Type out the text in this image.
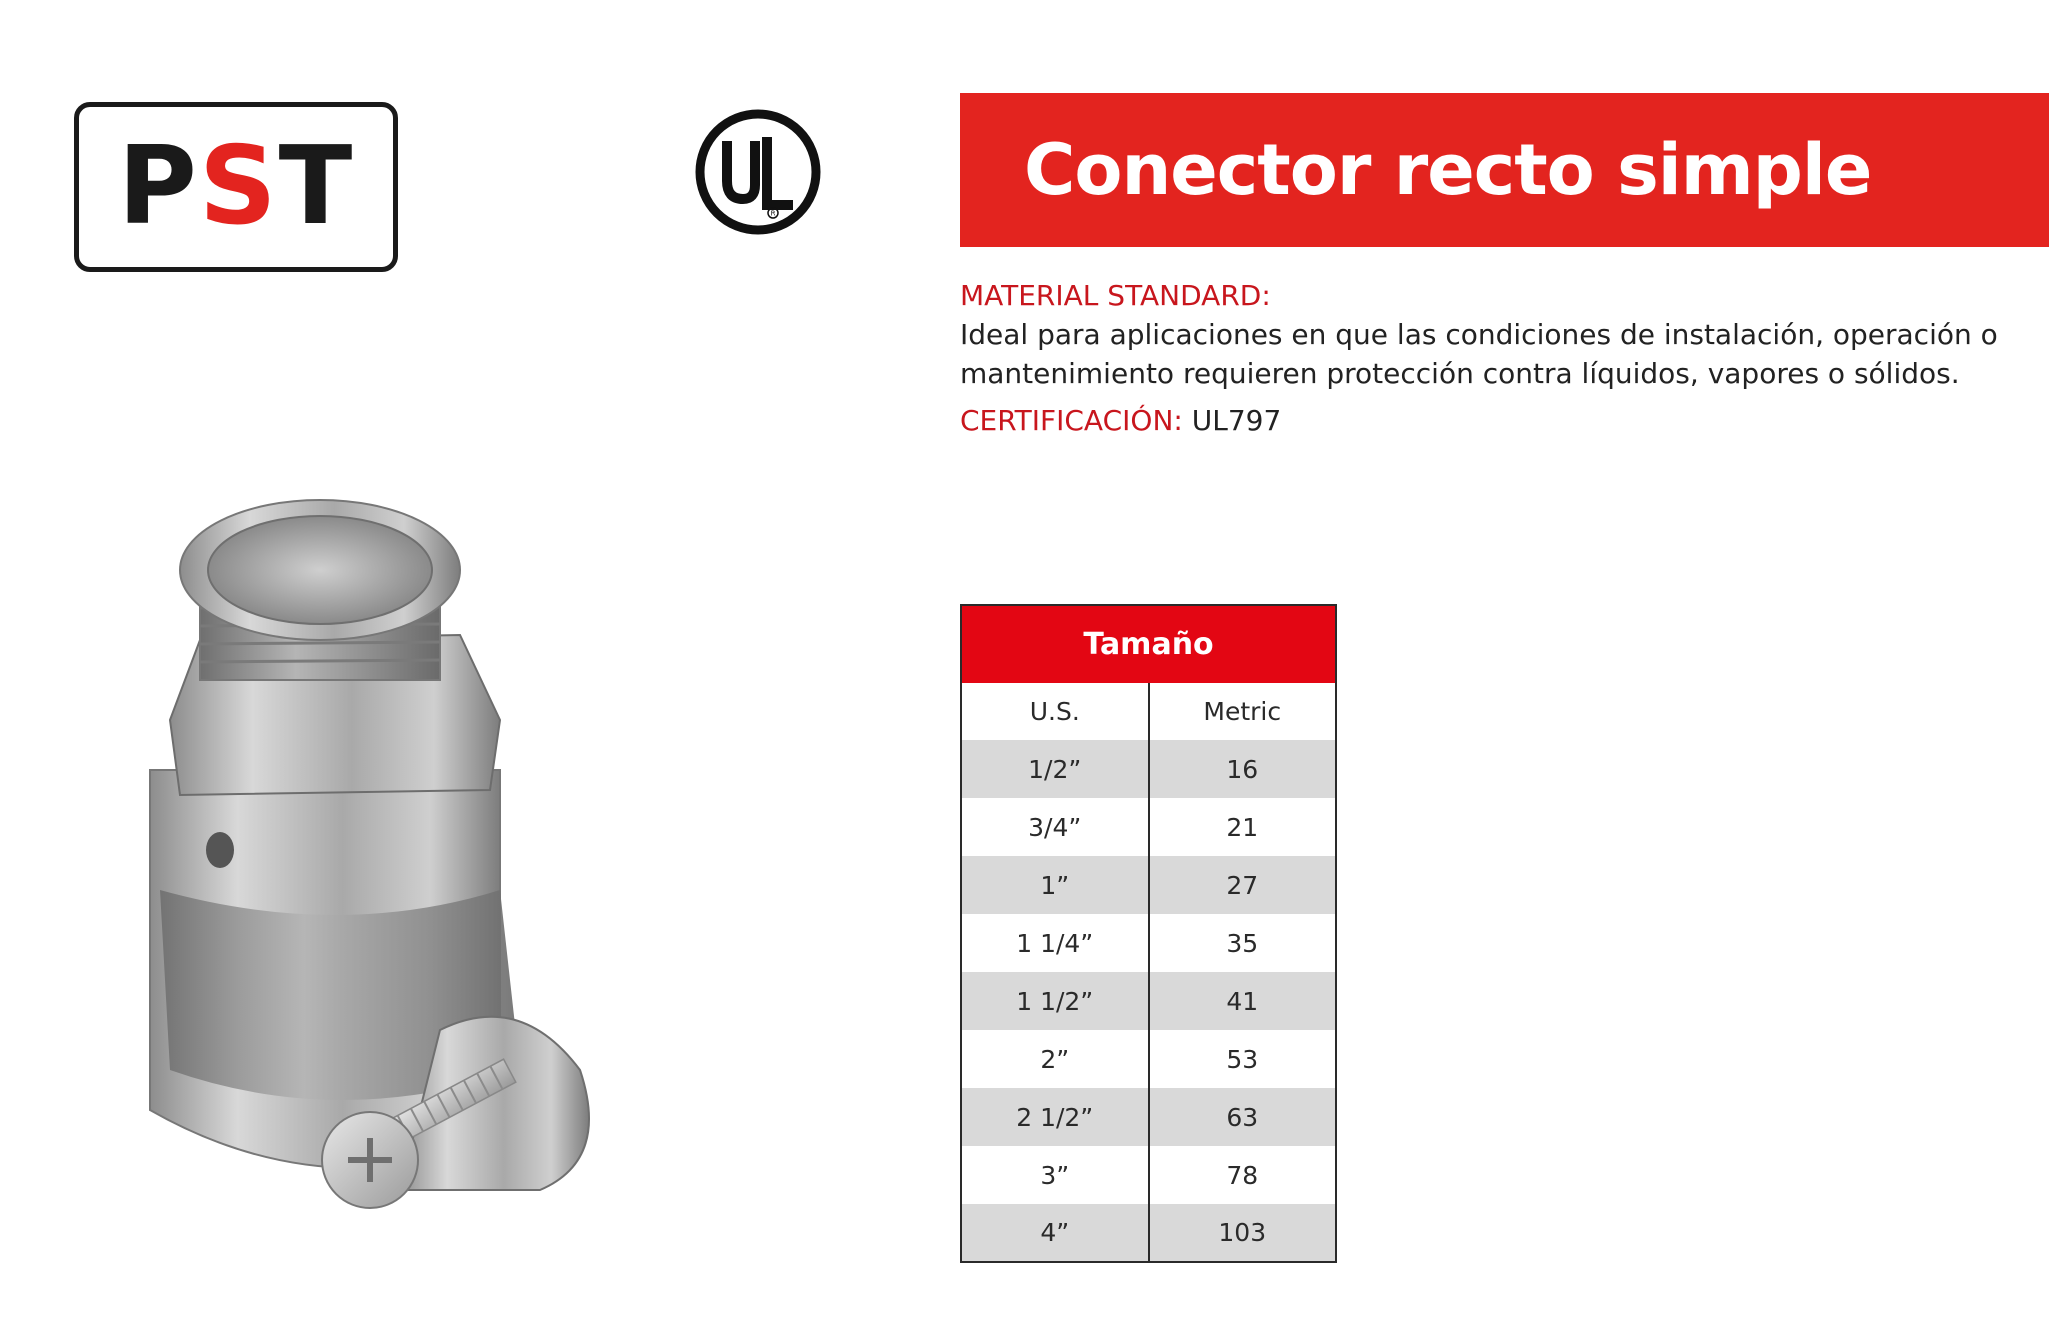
PST	R
Conector recto simple
MATERIAL STANDARD:
Ideal para aplicaciones en que las condiciones de instalación, operación o
mantenimiento requieren protección contra líquidos, vapores o sólidos.
CERTIFICACIÓN: UL797
Tamaño	
U.S.	Metric
1/2”	16
3/4”	21
1”	27
1 1/4”	35
1 1/2”	41
2”	53
2 1/2”	63
3”	78
4”	103
